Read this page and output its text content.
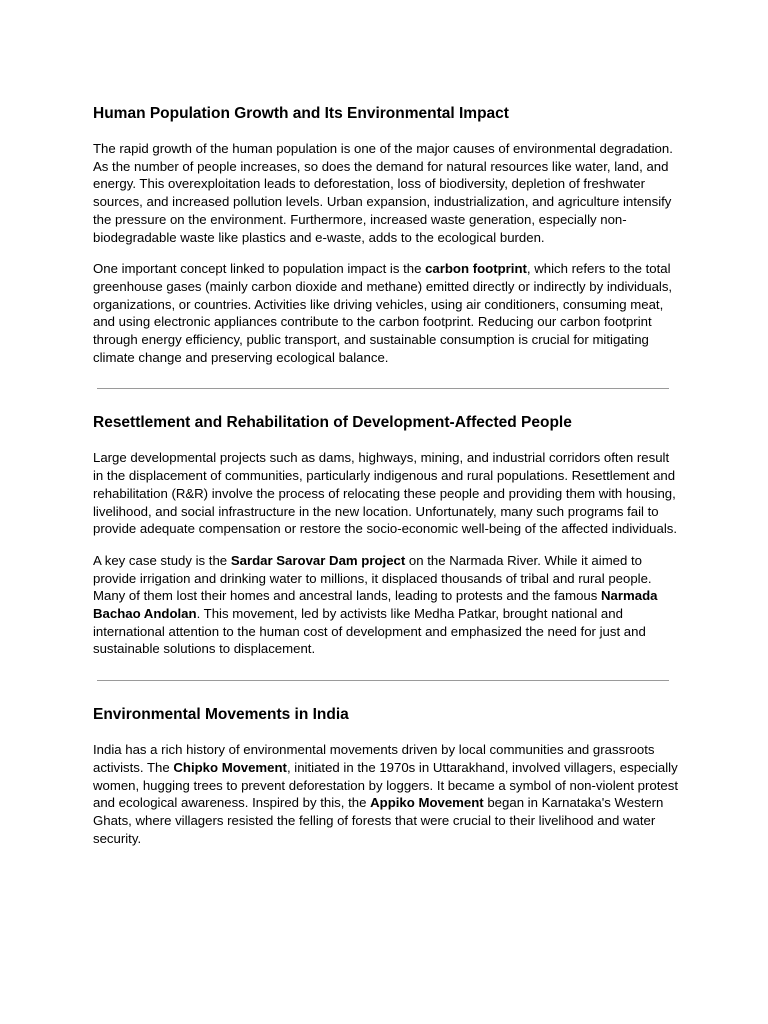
Human Population Growth and Its Environmental Impact

The rapid growth of the human population is one of the major causes of environmental degradation. As the number of people increases, so does the demand for natural resources like water, land, and energy. This overexploitation leads to deforestation, loss of biodiversity, depletion of freshwater sources, and increased pollution levels. Urban expansion, industrialization, and agriculture intensify the pressure on the environment. Furthermore, increased waste generation, especially non-biodegradable waste like plastics and e-waste, adds to the ecological burden.

One important concept linked to population impact is the carbon footprint, which refers to the total greenhouse gases (mainly carbon dioxide and methane) emitted directly or indirectly by individuals, organizations, or countries. Activities like driving vehicles, using air conditioners, consuming meat, and using electronic appliances contribute to the carbon footprint. Reducing our carbon footprint through energy efficiency, public transport, and sustainable consumption is crucial for mitigating climate change and preserving ecological balance.

Resettlement and Rehabilitation of Development-Affected People

Large developmental projects such as dams, highways, mining, and industrial corridors often result in the displacement of communities, particularly indigenous and rural populations. Resettlement and rehabilitation (R&R) involve the process of relocating these people and providing them with housing, livelihood, and social infrastructure in the new location. Unfortunately, many such programs fail to provide adequate compensation or restore the socio-economic well-being of the affected individuals.

A key case study is the Sardar Sarovar Dam project on the Narmada River. While it aimed to provide irrigation and drinking water to millions, it displaced thousands of tribal and rural people. Many of them lost their homes and ancestral lands, leading to protests and the famous Narmada Bachao Andolan. This movement, led by activists like Medha Patkar, brought national and international attention to the human cost of development and emphasized the need for just and sustainable solutions to displacement.

Environmental Movements in India

India has a rich history of environmental movements driven by local communities and grassroots activists. The Chipko Movement, initiated in the 1970s in Uttarakhand, involved villagers, especially women, hugging trees to prevent deforestation by loggers. It became a symbol of non-violent protest and ecological awareness. Inspired by this, the Appiko Movement began in Karnataka's Western Ghats, where villagers resisted the felling of forests that were crucial to their livelihood and water security.
